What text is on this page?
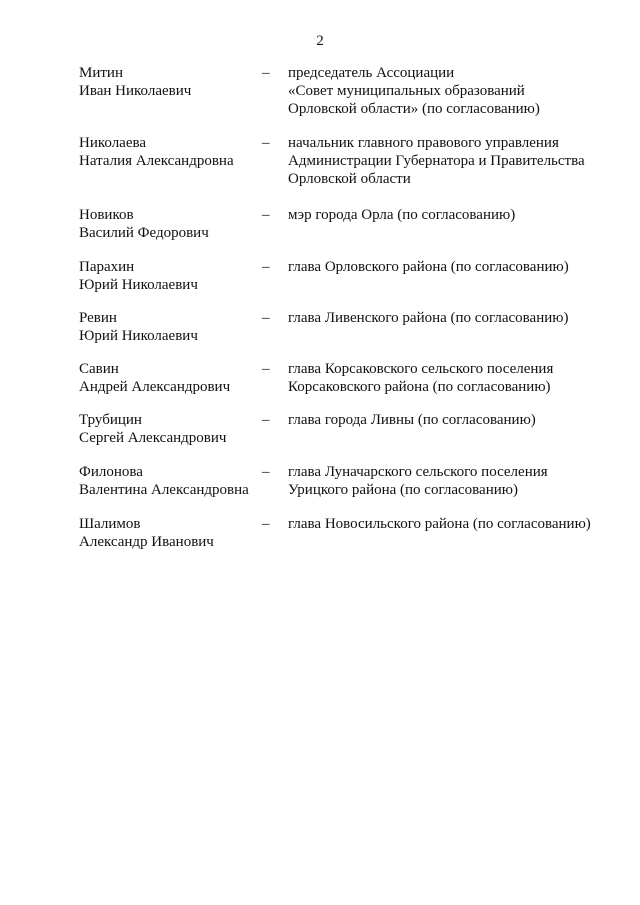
2
Митин
Иван Николаевич
– председатель Ассоциации
«Совет муниципальных образований
Орловской области» (по согласованию)
Николаева
Наталия Александровна
– начальник главного правового управления
Администрации Губернатора и Правительства
Орловской области
Новиков
Василий Федорович
– мэр города Орла (по согласованию)
Парахин
Юрий Николаевич
– глава Орловского района (по согласованию)
Ревин
Юрий Николаевич
– глава Ливенского района (по согласованию)
Савин
Андрей Александрович
– глава Корсаковского сельского поселения
Корсаковского района (по согласованию)
Трубицин
Сергей Александрович
– глава города Ливны (по согласованию)
Филонова
Валентина Александровна
– глава Луначарского сельского поселения
Урицкого района (по согласованию)
Шалимов
Александр Иванович
– глава Новосильского района (по согласованию)
